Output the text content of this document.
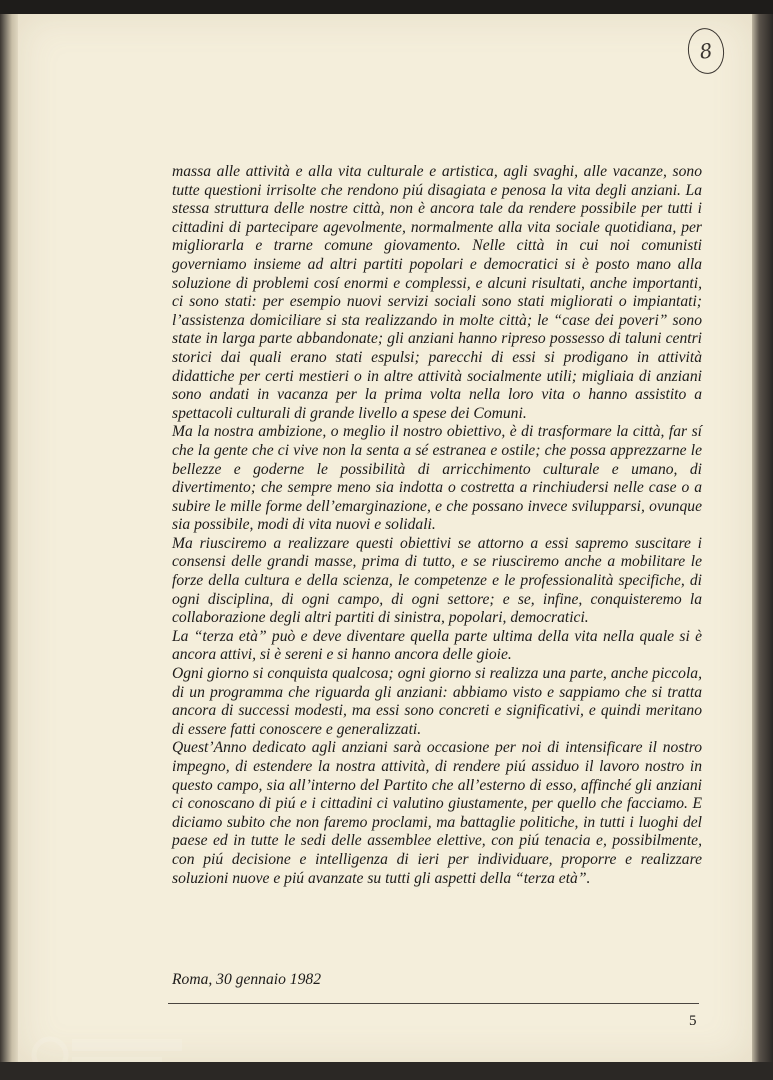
8

massa alle attività e alla vita culturale e artistica, agli svaghi, alle vacanze, sono tutte questioni irrisolte che rendono piú disagiata e penosa la vita degli anziani. La stessa struttura delle nostre città, non è ancora tale da rendere possibile per tutti i cittadini di partecipare agevolmente, normalmente alla vita sociale quotidiana, per migliorarla e trarne comune giovamento. Nelle città in cui noi comunisti governiamo insieme ad altri partiti popolari e democratici si è posto mano alla soluzione di problemi cosí enormi e complessi, e alcuni risultati, anche importanti, ci sono stati: per esempio nuovi servizi sociali sono stati migliorati o impiantati; l’assistenza domiciliare si sta realizzando in molte città; le “case dei poveri” sono state in larga parte abbandonate; gli anziani hanno ripreso possesso di taluni centri storici dai quali erano stati espulsi; parecchi di essi si prodigano in attività didattiche per certi mestieri o in altre attività socialmente utili; migliaia di anziani sono andati in vacanza per la prima volta nella loro vita o hanno assistito a spettacoli culturali di grande livello a spese dei Comuni.

Ma la nostra ambizione, o meglio il nostro obiettivo, è di trasformare la città, far sí che la gente che ci vive non la senta a sé estranea e ostile; che possa apprezzarne le bellezze e goderne le possibilità di arricchimento culturale e umano, di divertimento; che sempre meno sia indotta o costretta a rinchiudersi nelle case o a subire le mille forme dell’emarginazione, e che possano invece svilupparsi, ovunque sia possibile, modi di vita nuovi e solidali.

Ma riusciremo a realizzare questi obiettivi se attorno a essi sapremo suscitare i consensi delle grandi masse, prima di tutto, e se riusciremo anche a mobilitare le forze della cultura e della scienza, le competenze e le professionalità specifiche, di ogni disciplina, di ogni campo, di ogni settore; e se, infine, conquisteremo la collaborazione degli altri partiti di sinistra, popolari, democratici.

La “terza età” può e deve diventare quella parte ultima della vita nella quale si è ancora attivi, si è sereni e si hanno ancora delle gioie.

Ogni giorno si conquista qualcosa; ogni giorno si realizza una parte, anche piccola, di un programma che riguarda gli anziani: abbiamo visto e sappiamo che si tratta ancora di successi modesti, ma essi sono concreti e significativi, e quindi meritano di essere fatti conoscere e generalizzati.

Quest’Anno dedicato agli anziani sarà occasione per noi di intensificare il nostro impegno, di estendere la nostra attività, di rendere piú assiduo il lavoro nostro in questo campo, sia all’interno del Partito che all’esterno di esso, affinché gli anziani ci conoscano di piú e i cittadini ci valutino giustamente, per quello che facciamo. E diciamo subito che non faremo proclami, ma battaglie politiche, in tutti i luoghi del paese ed in tutte le sedi delle assemblee elettive, con piú tenacia e, possibilmente, con piú decisione e intelligenza di ieri per individuare, proporre e realizzare soluzioni nuove e piú avanzate su tutti gli aspetti della “terza età”.

Roma, 30 gennaio 1982
5
